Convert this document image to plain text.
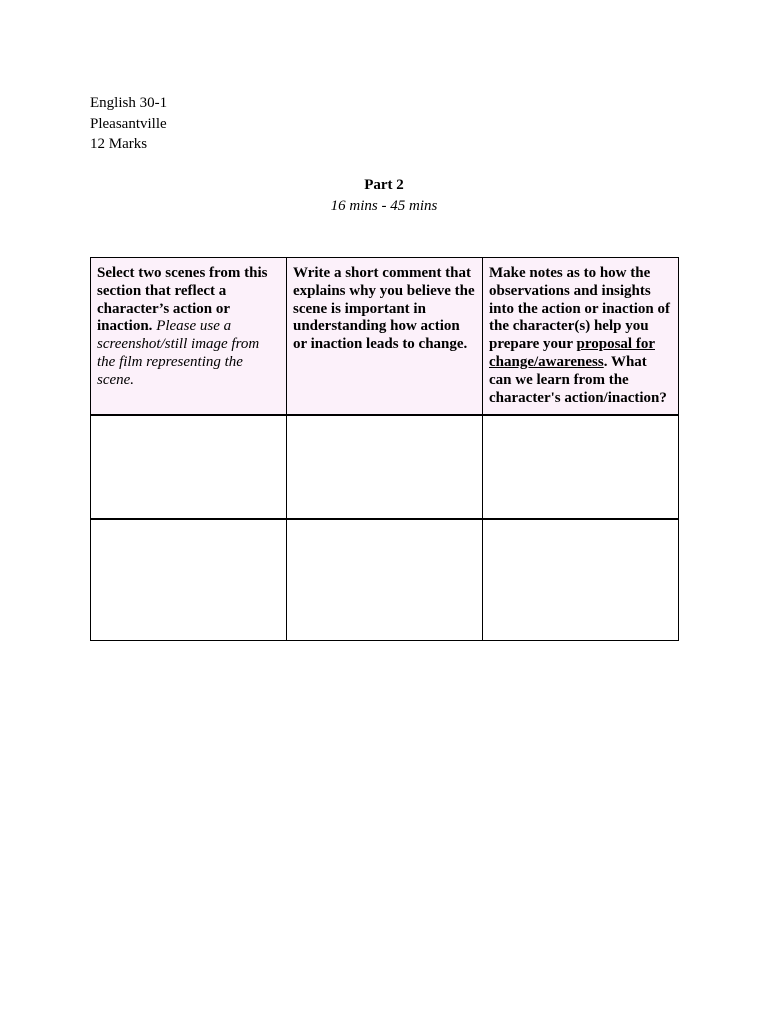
English 30-1
Pleasantville
12 Marks
Part 2
16 mins - 45 mins
Select two scenes from this section that reflect a character’s action or inaction. Please use a screenshot/still image from the film representing the scene.	Write a short comment that explains why you believe the scene is important in understanding how action or inaction leads to change.	Make notes as to how the observations and insights into the action or inaction of the character(s) help you prepare your proposal for change/awareness. What can we learn from the character's action/inaction?
